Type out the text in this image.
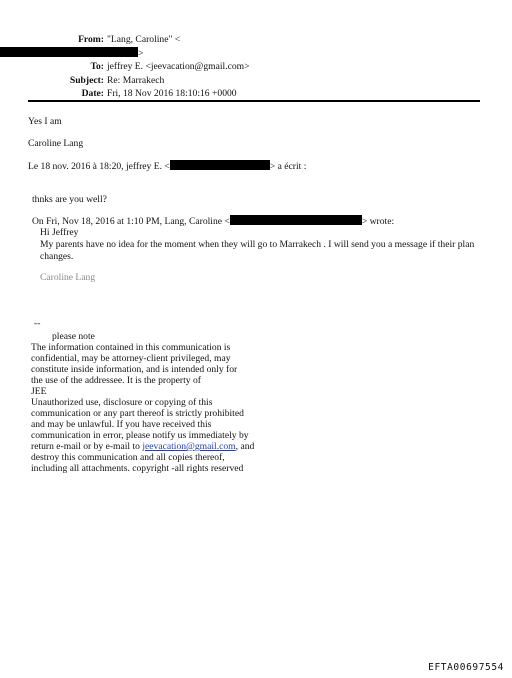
From: "Lang, Caroline" <>
To: jeffrey E. <jeevacation@gmail.com>
Subject: Re: Marrakech
Date: Fri, 18 Nov 2016 18:10:16 +0000
Yes I am
Caroline Lang
Le 18 nov. 2016 à 18:20, jeffrey E. <	> a écrit :
thnks are you well?
On Fri, Nov 18, 2016 at 1:10 PM, Lang, Caroline <	> wrote:
Hi Jeffrey
My parents have no idea for the moment when they will go to Marrakech . I will send you a message if their plan changes.
Caroline Lang
--
please note
The information contained in this communication is
confidential, may be attorney-client privileged, may
constitute inside information, and is intended only for
the use of the addressee. It is the property of
JEE
Unauthorized use, disclosure or copying of this
communication or any part thereof is strictly prohibited
and may be unlawful. If you have received this
communication in error, please notify us immediately by
return e-mail or by e-mail to jeevacation@gmail.com, and
destroy this communication and all copies thereof,
including all attachments. copyright -all rights reserved
EFTA00697554
